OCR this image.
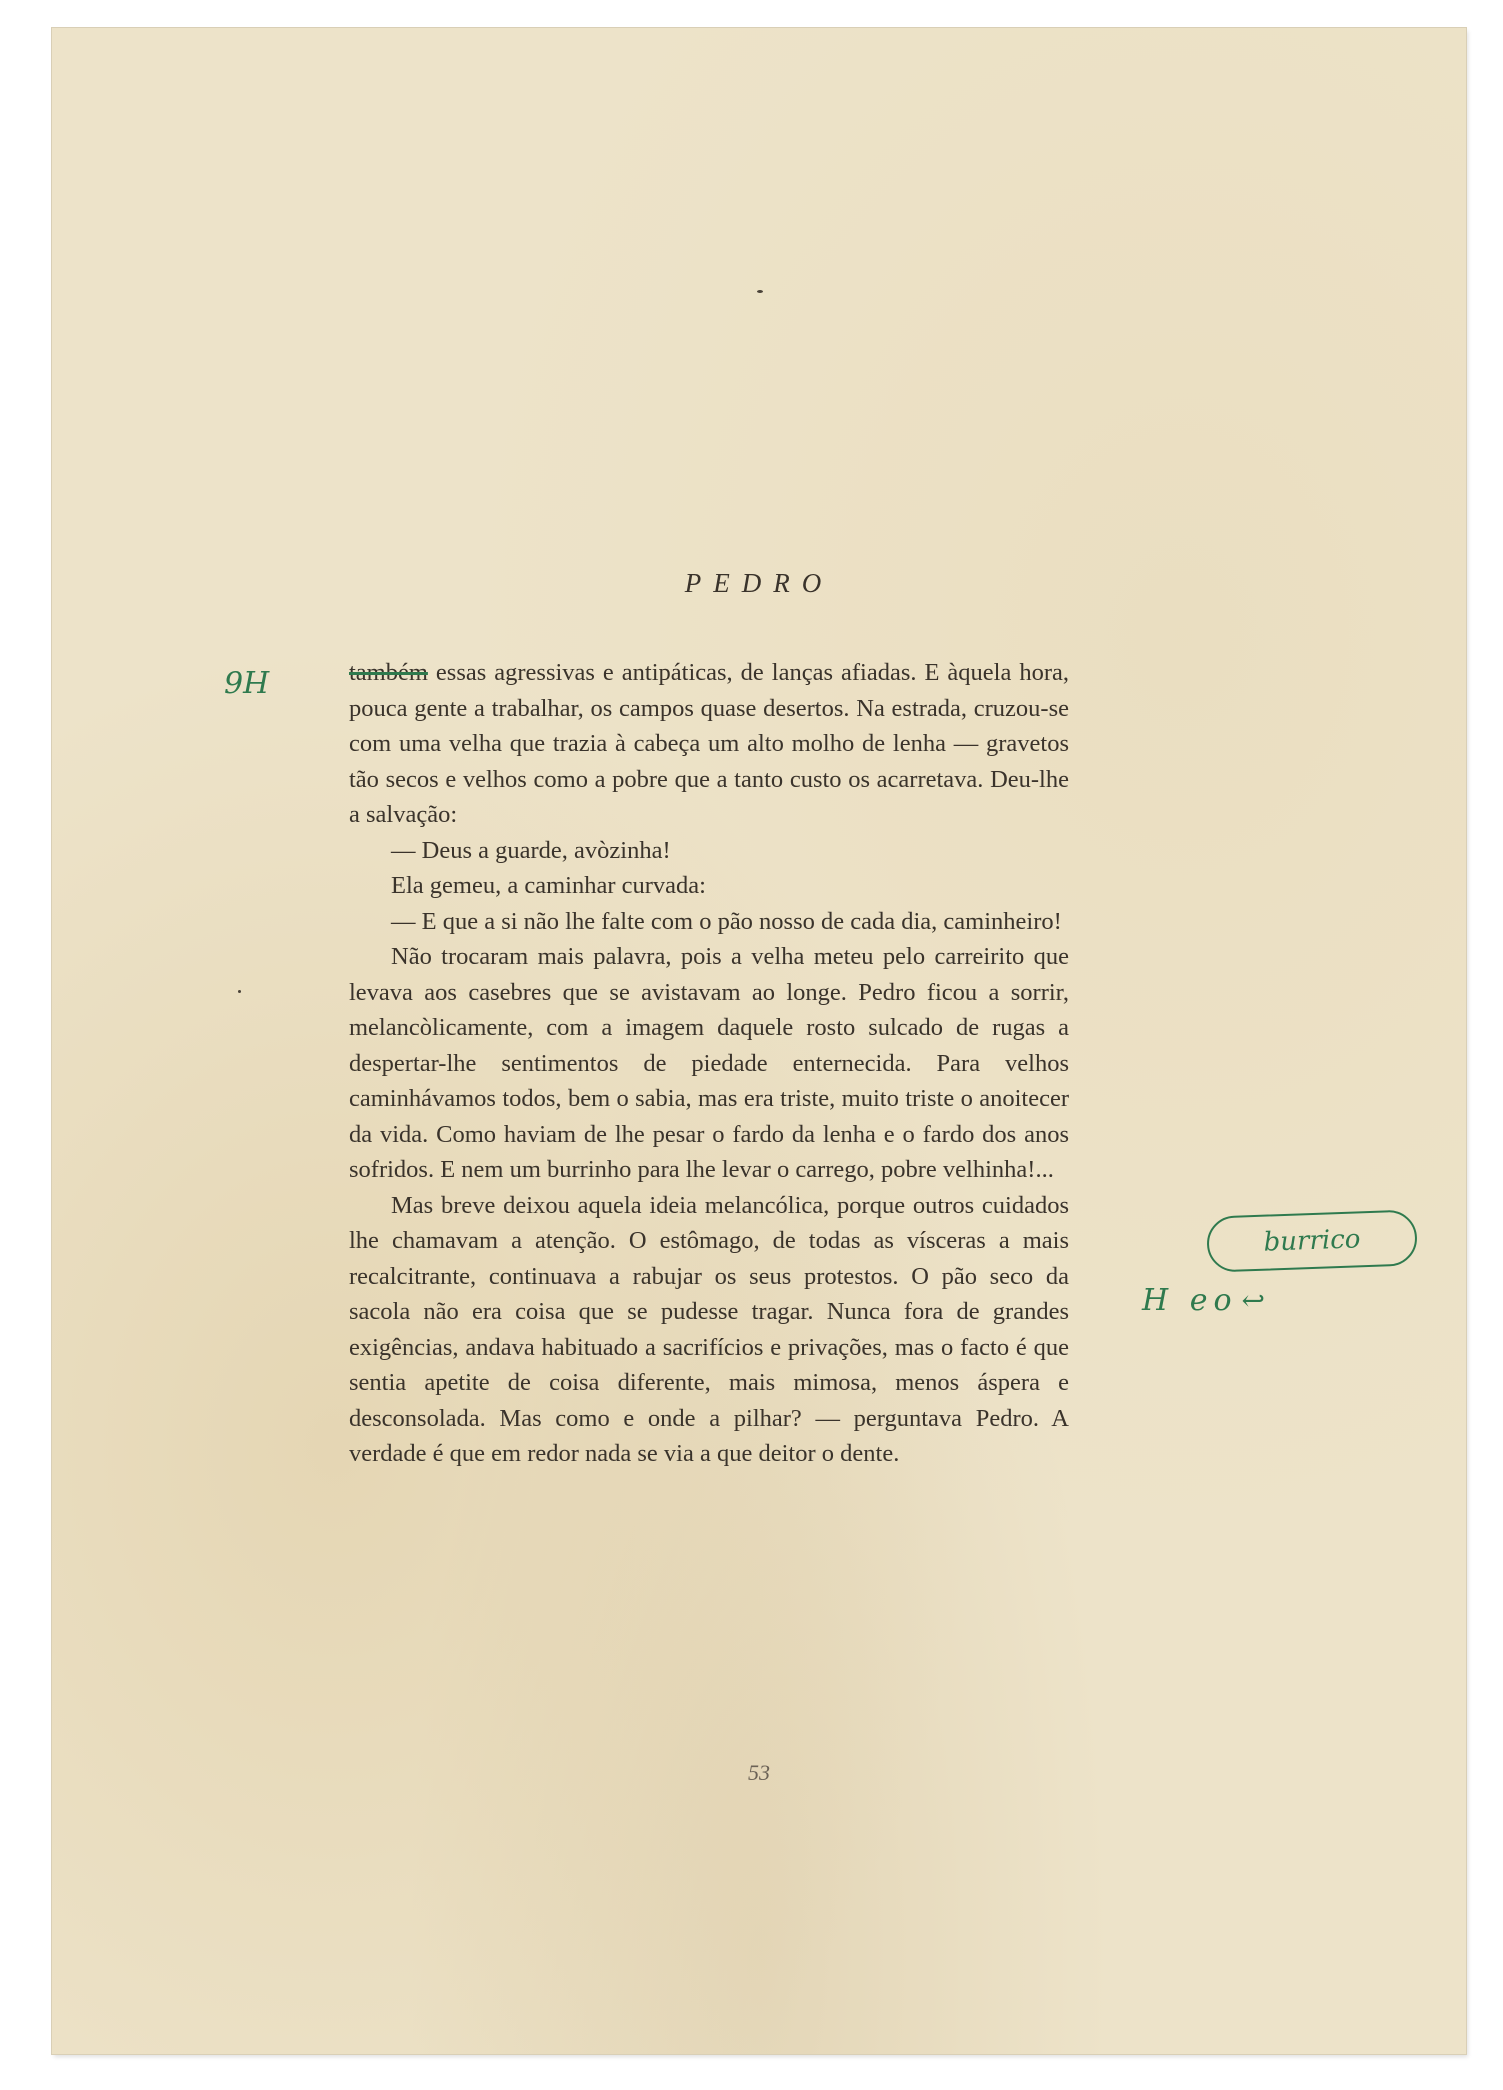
PEDRO
H6	também essas agressivas e antipáticas, de lanças afiadas. E àquela hora, pouca gente a trabalhar, os campos quase desertos. Na estrada, cruzou-se com uma velha que trazia à cabeça um alto molho de lenha — gravetos tão secos e velhos como a pobre que a tanto custo os acarretava. Deu-lhe a salvação:

— Deus a guarde, avòzinha!

Ela gemeu, a caminhar curvada:

— E que a si não lhe falte com o pão nosso de cada dia, caminheiro!

Não trocaram mais palavra, pois a velha meteu pelo carreirito que levava aos casebres que se avistavam ao longe. Pedro ficou a sorrir, melancòlicamente, com a imagem daquele rosto sulcado de rugas a despertar-lhe sentimentos de piedade enternecida. Para velhos caminhávamos todos, bem o sabia, mas era triste, muito triste o anoitecer da vida. Como haviam de lhe pesar o fardo da lenha e o fardo dos anos sofridos. E nem um burrinho para lhe levar o carrego, pobre velhinha!...

Mas breve deixou aquela ideia melancólica, porque outros cuidados lhe chamavam a atenção. O estômago, de todas as vísceras a mais recalcitrante, continuava a rabujar os seus protestos. O pão seco da sacola não era coisa que se pudesse tragar. Nunca fora de grandes exigências, andava habituado a sacrifícios e privações, mas o facto é que sentia apetite de coisa diferente, mais mimosa, menos áspera e desconsolada. Mas como e onde a pilhar? — perguntava Pedro. A verdade é que em redor nada se via a que deitor o dente.

burrico
H eo ↩

53
